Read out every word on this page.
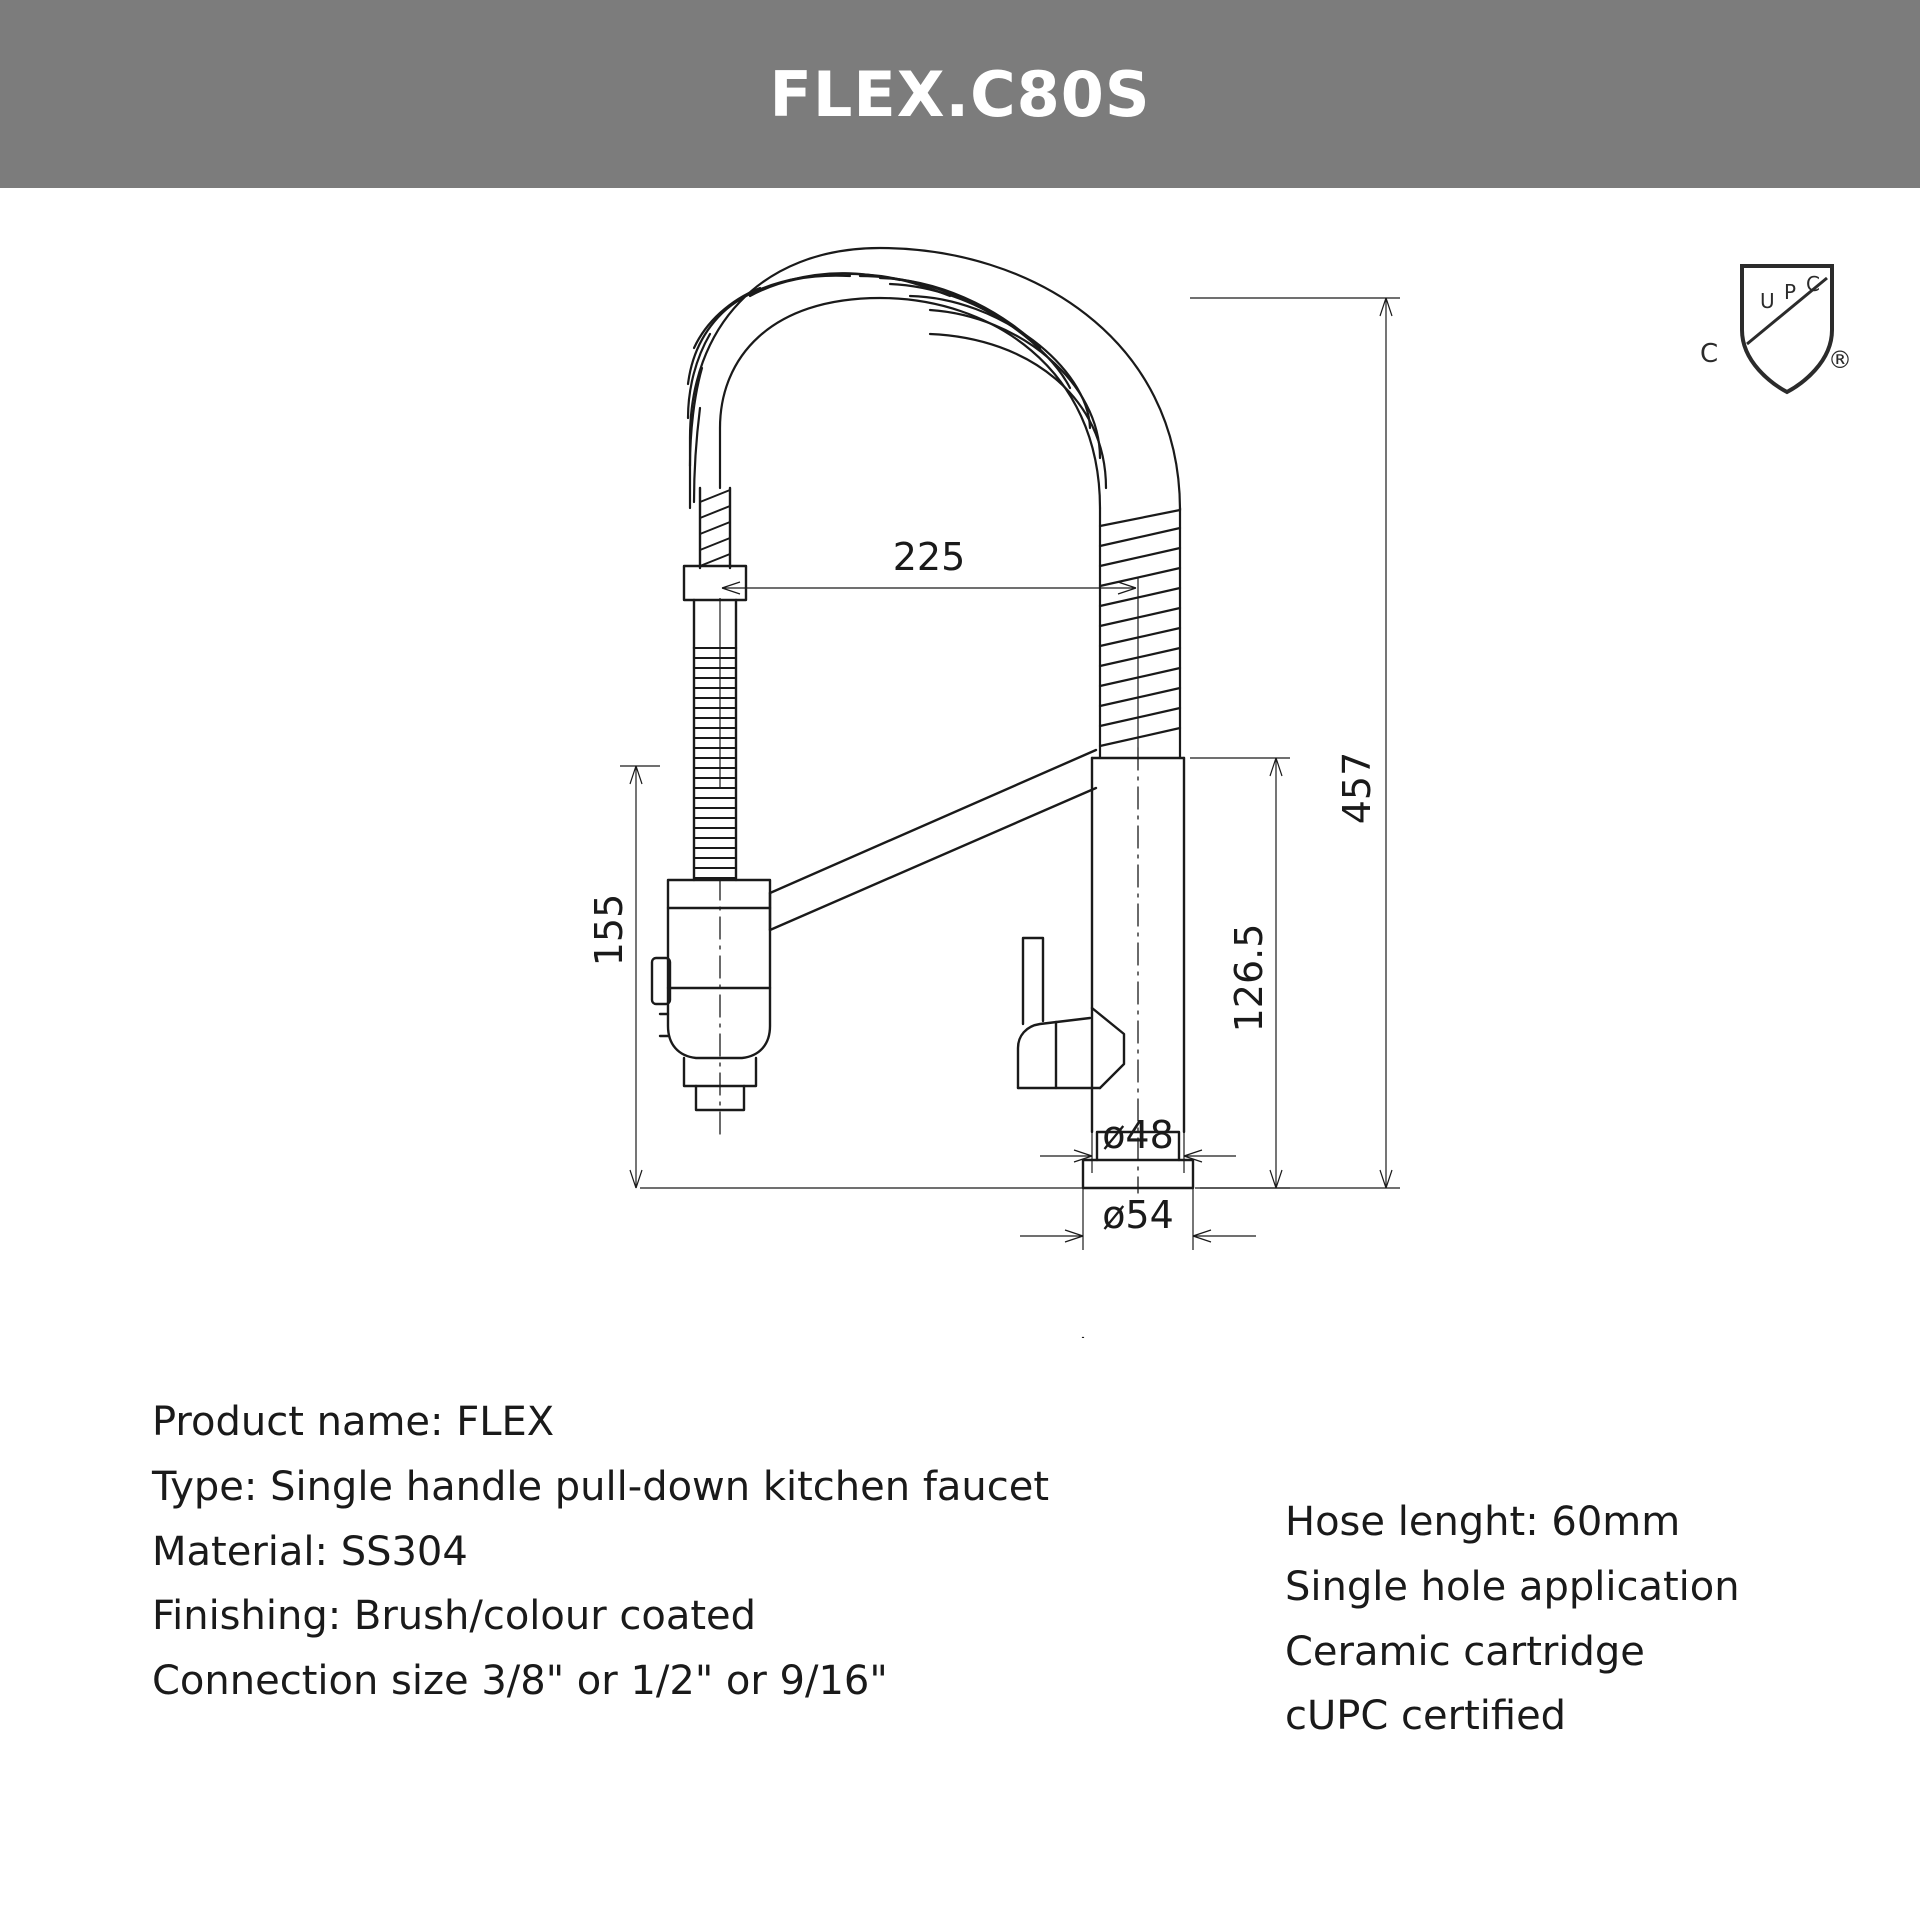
FLEX.C80S
U P C
C	®
457
126.5
155
225
ø48
ø54
Product name: FLEX
Type: Single handle pull-down kitchen faucet
Material: SS304
Finishing: Brush/colour coated
Connection size 3/8" or 1/2" or 9/16"
Hose lenght: 60mm
Single hole application
Ceramic cartridge
cUPC certified
